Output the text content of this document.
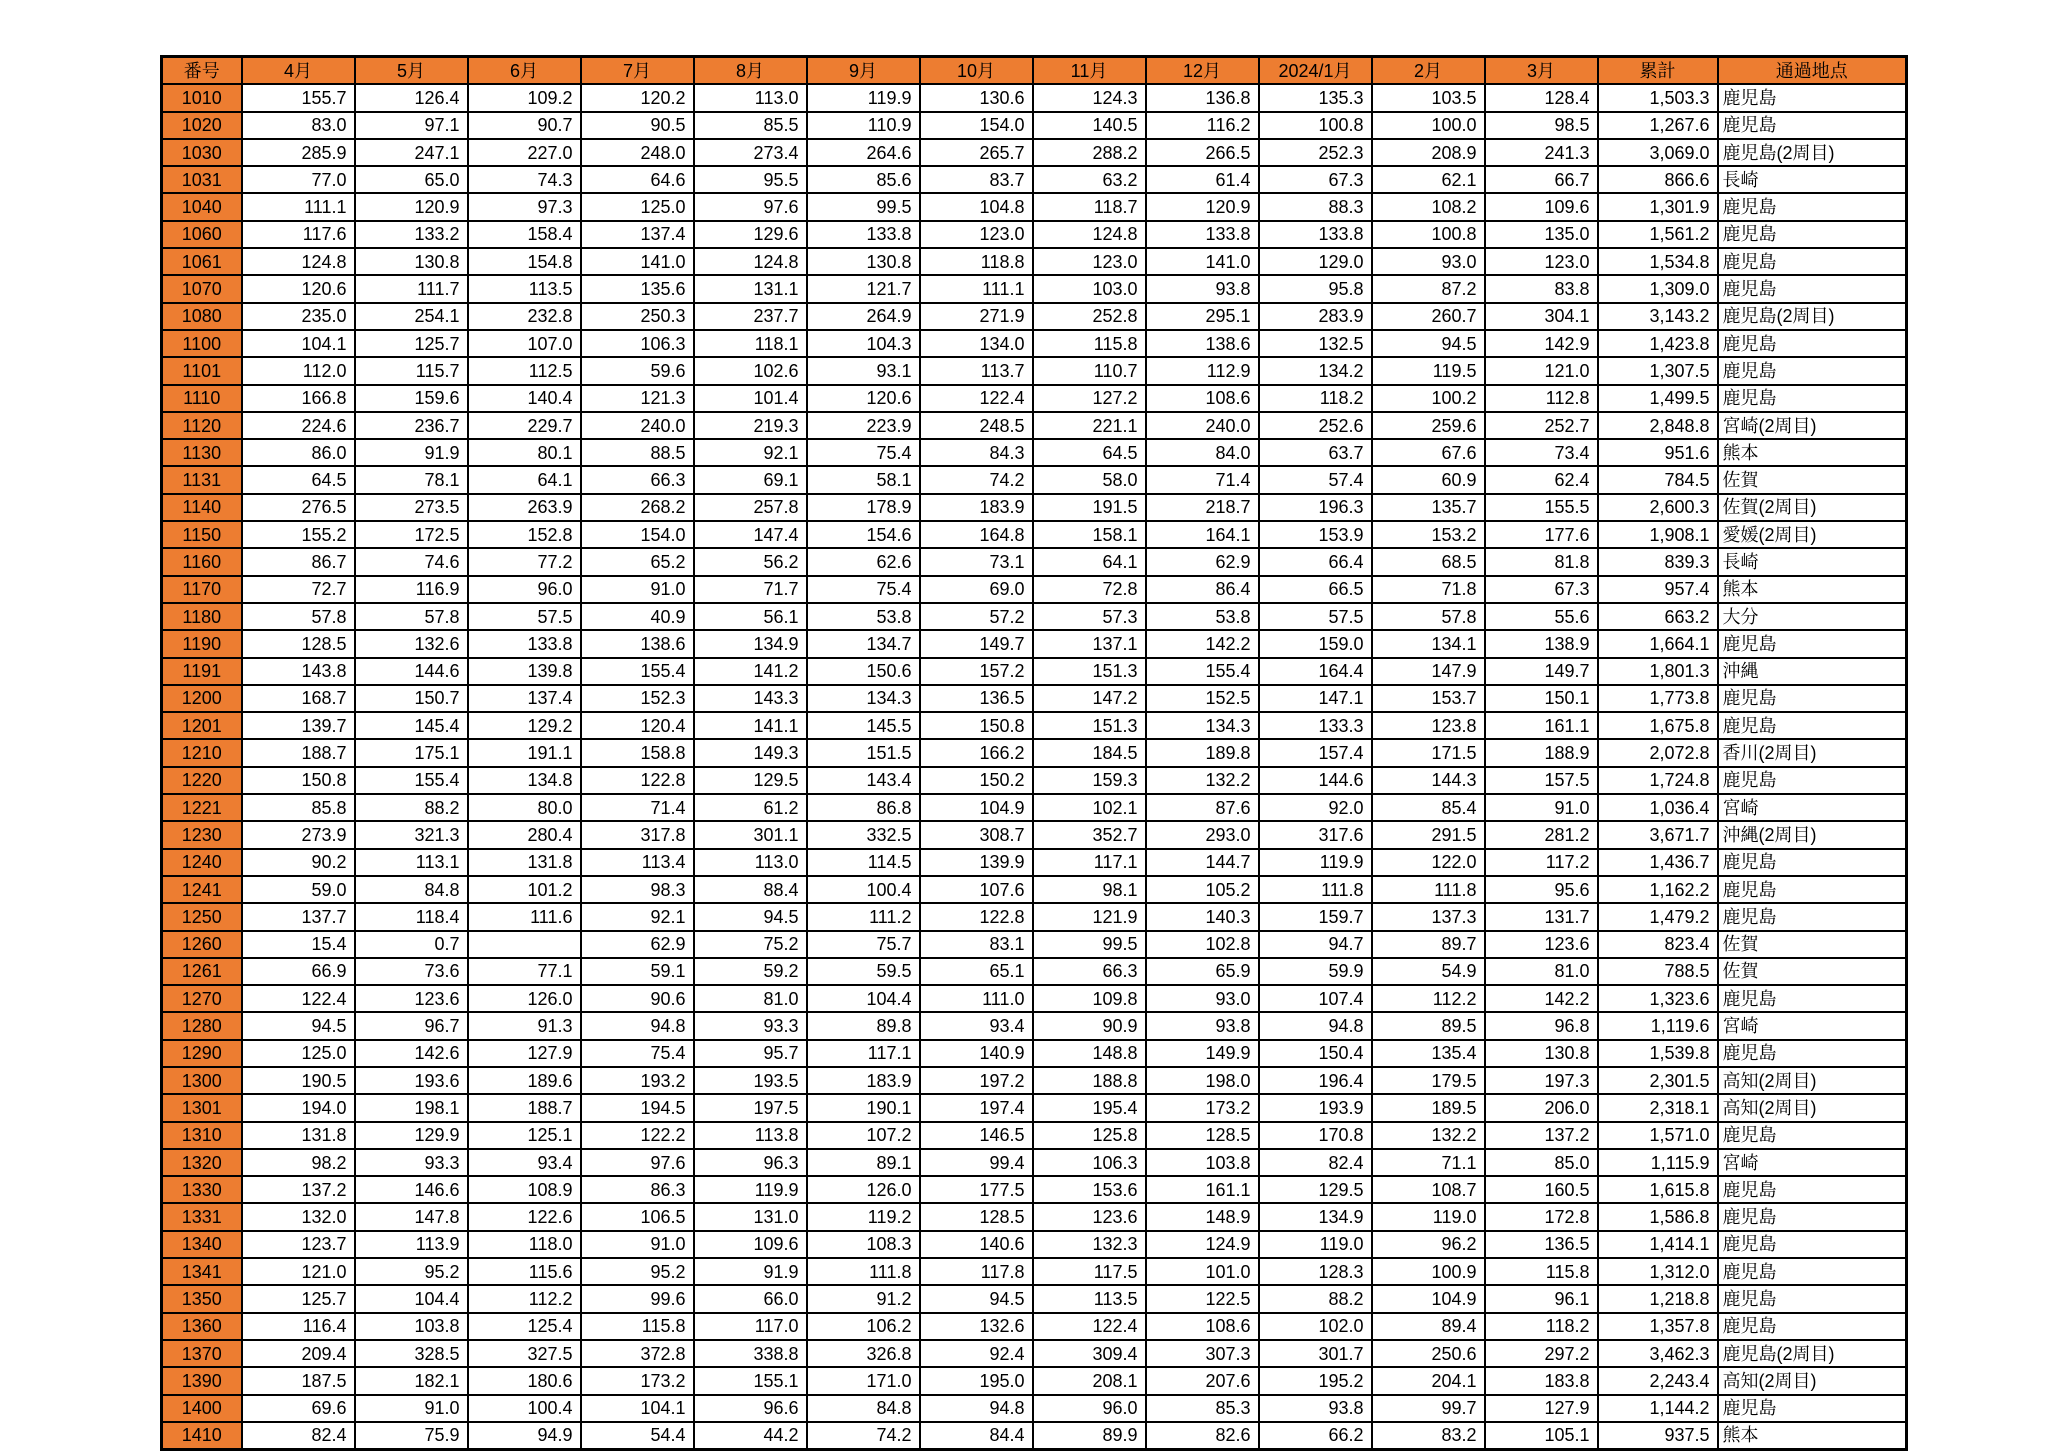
番号	4月	5月	6月	7月	8月	9月	10月	11月	12月	2024/1月	2月	3月	累計	通過地点
1010	155.7	126.4	109.2	120.2	113.0	119.9	130.6	124.3	136.8	135.3	103.5	128.4	1,503.3	鹿児島
1020	83.0	97.1	90.7	90.5	85.5	110.9	154.0	140.5	116.2	100.8	100.0	98.5	1,267.6	鹿児島
1030	285.9	247.1	227.0	248.0	273.4	264.6	265.7	288.2	266.5	252.3	208.9	241.3	3,069.0	鹿児島(2周目)
1031	77.0	65.0	74.3	64.6	95.5	85.6	83.7	63.2	61.4	67.3	62.1	66.7	866.6	長崎
1040	111.1	120.9	97.3	125.0	97.6	99.5	104.8	118.7	120.9	88.3	108.2	109.6	1,301.9	鹿児島
1060	117.6	133.2	158.4	137.4	129.6	133.8	123.0	124.8	133.8	133.8	100.8	135.0	1,561.2	鹿児島
1061	124.8	130.8	154.8	141.0	124.8	130.8	118.8	123.0	141.0	129.0	93.0	123.0	1,534.8	鹿児島
1070	120.6	111.7	113.5	135.6	131.1	121.7	111.1	103.0	93.8	95.8	87.2	83.8	1,309.0	鹿児島
1080	235.0	254.1	232.8	250.3	237.7	264.9	271.9	252.8	295.1	283.9	260.7	304.1	3,143.2	鹿児島(2周目)
1100	104.1	125.7	107.0	106.3	118.1	104.3	134.0	115.8	138.6	132.5	94.5	142.9	1,423.8	鹿児島
1101	112.0	115.7	112.5	59.6	102.6	93.1	113.7	110.7	112.9	134.2	119.5	121.0	1,307.5	鹿児島
1110	166.8	159.6	140.4	121.3	101.4	120.6	122.4	127.2	108.6	118.2	100.2	112.8	1,499.5	鹿児島
1120	224.6	236.7	229.7	240.0	219.3	223.9	248.5	221.1	240.0	252.6	259.6	252.7	2,848.8	宮崎(2周目)
1130	86.0	91.9	80.1	88.5	92.1	75.4	84.3	64.5	84.0	63.7	67.6	73.4	951.6	熊本
1131	64.5	78.1	64.1	66.3	69.1	58.1	74.2	58.0	71.4	57.4	60.9	62.4	784.5	佐賀
1140	276.5	273.5	263.9	268.2	257.8	178.9	183.9	191.5	218.7	196.3	135.7	155.5	2,600.3	佐賀(2周目)
1150	155.2	172.5	152.8	154.0	147.4	154.6	164.8	158.1	164.1	153.9	153.2	177.6	1,908.1	愛媛(2周目)
1160	86.7	74.6	77.2	65.2	56.2	62.6	73.1	64.1	62.9	66.4	68.5	81.8	839.3	長崎
1170	72.7	116.9	96.0	91.0	71.7	75.4	69.0	72.8	86.4	66.5	71.8	67.3	957.4	熊本
1180	57.8	57.8	57.5	40.9	56.1	53.8	57.2	57.3	53.8	57.5	57.8	55.6	663.2	大分
1190	128.5	132.6	133.8	138.6	134.9	134.7	149.7	137.1	142.2	159.0	134.1	138.9	1,664.1	鹿児島
1191	143.8	144.6	139.8	155.4	141.2	150.6	157.2	151.3	155.4	164.4	147.9	149.7	1,801.3	沖縄
1200	168.7	150.7	137.4	152.3	143.3	134.3	136.5	147.2	152.5	147.1	153.7	150.1	1,773.8	鹿児島
1201	139.7	145.4	129.2	120.4	141.1	145.5	150.8	151.3	134.3	133.3	123.8	161.1	1,675.8	鹿児島
1210	188.7	175.1	191.1	158.8	149.3	151.5	166.2	184.5	189.8	157.4	171.5	188.9	2,072.8	香川(2周目)
1220	150.8	155.4	134.8	122.8	129.5	143.4	150.2	159.3	132.2	144.6	144.3	157.5	1,724.8	鹿児島
1221	85.8	88.2	80.0	71.4	61.2	86.8	104.9	102.1	87.6	92.0	85.4	91.0	1,036.4	宮崎
1230	273.9	321.3	280.4	317.8	301.1	332.5	308.7	352.7	293.0	317.6	291.5	281.2	3,671.7	沖縄(2周目)
1240	90.2	113.1	131.8	113.4	113.0	114.5	139.9	117.1	144.7	119.9	122.0	117.2	1,436.7	鹿児島
1241	59.0	84.8	101.2	98.3	88.4	100.4	107.6	98.1	105.2	111.8	111.8	95.6	1,162.2	鹿児島
1250	137.7	118.4	111.6	92.1	94.5	111.2	122.8	121.9	140.3	159.7	137.3	131.7	1,479.2	鹿児島
1260	15.4	0.7		62.9	75.2	75.7	83.1	99.5	102.8	94.7	89.7	123.6	823.4	佐賀
1261	66.9	73.6	77.1	59.1	59.2	59.5	65.1	66.3	65.9	59.9	54.9	81.0	788.5	佐賀
1270	122.4	123.6	126.0	90.6	81.0	104.4	111.0	109.8	93.0	107.4	112.2	142.2	1,323.6	鹿児島
1280	94.5	96.7	91.3	94.8	93.3	89.8	93.4	90.9	93.8	94.8	89.5	96.8	1,119.6	宮崎
1290	125.0	142.6	127.9	75.4	95.7	117.1	140.9	148.8	149.9	150.4	135.4	130.8	1,539.8	鹿児島
1300	190.5	193.6	189.6	193.2	193.5	183.9	197.2	188.8	198.0	196.4	179.5	197.3	2,301.5	高知(2周目)
1301	194.0	198.1	188.7	194.5	197.5	190.1	197.4	195.4	173.2	193.9	189.5	206.0	2,318.1	高知(2周目)
1310	131.8	129.9	125.1	122.2	113.8	107.2	146.5	125.8	128.5	170.8	132.2	137.2	1,571.0	鹿児島
1320	98.2	93.3	93.4	97.6	96.3	89.1	99.4	106.3	103.8	82.4	71.1	85.0	1,115.9	宮崎
1330	137.2	146.6	108.9	86.3	119.9	126.0	177.5	153.6	161.1	129.5	108.7	160.5	1,615.8	鹿児島
1331	132.0	147.8	122.6	106.5	131.0	119.2	128.5	123.6	148.9	134.9	119.0	172.8	1,586.8	鹿児島
1340	123.7	113.9	118.0	91.0	109.6	108.3	140.6	132.3	124.9	119.0	96.2	136.5	1,414.1	鹿児島
1341	121.0	95.2	115.6	95.2	91.9	111.8	117.8	117.5	101.0	128.3	100.9	115.8	1,312.0	鹿児島
1350	125.7	104.4	112.2	99.6	66.0	91.2	94.5	113.5	122.5	88.2	104.9	96.1	1,218.8	鹿児島
1360	116.4	103.8	125.4	115.8	117.0	106.2	132.6	122.4	108.6	102.0	89.4	118.2	1,357.8	鹿児島
1370	209.4	328.5	327.5	372.8	338.8	326.8	92.4	309.4	307.3	301.7	250.6	297.2	3,462.3	鹿児島(2周目)
1390	187.5	182.1	180.6	173.2	155.1	171.0	195.0	208.1	207.6	195.2	204.1	183.8	2,243.4	高知(2周目)
1400	69.6	91.0	100.4	104.1	96.6	84.8	94.8	96.0	85.3	93.8	99.7	127.9	1,144.2	鹿児島
1410	82.4	75.9	94.9	54.4	44.2	74.2	84.4	89.9	82.6	66.2	83.2	105.1	937.5	熊本
